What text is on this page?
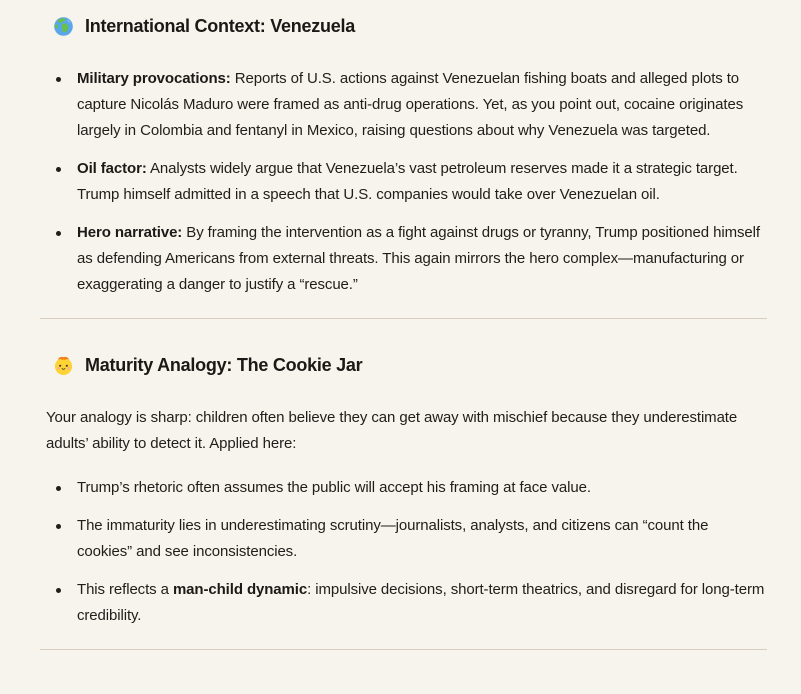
International Context: Venezuela
Military provocations: Reports of U.S. actions against Venezuelan fishing boats and alleged plots to capture Nicolás Maduro were framed as anti-drug operations. Yet, as you point out, cocaine originates largely in Colombia and fentanyl in Mexico, raising questions about why Venezuela was targeted.
Oil factor: Analysts widely argue that Venezuela’s vast petroleum reserves made it a strategic target. Trump himself admitted in a speech that U.S. companies would take over Venezuelan oil.
Hero narrative: By framing the intervention as a fight against drugs or tyranny, Trump positioned himself as defending Americans from external threats. This again mirrors the hero complex—manufacturing or exaggerating a danger to justify a “rescue.”
Maturity Analogy: The Cookie Jar

Your analogy is sharp: children often believe they can get away with mischief because they underestimate adults’ ability to detect it. Applied here:

Trump’s rhetoric often assumes the public will accept his framing at face value.
The immaturity lies in underestimating scrutiny—journalists, analysts, and citizens can “count the cookies” and see inconsistencies.
This reflects a man-child dynamic: impulsive decisions, short-term theatrics, and disregard for long-term credibility.
